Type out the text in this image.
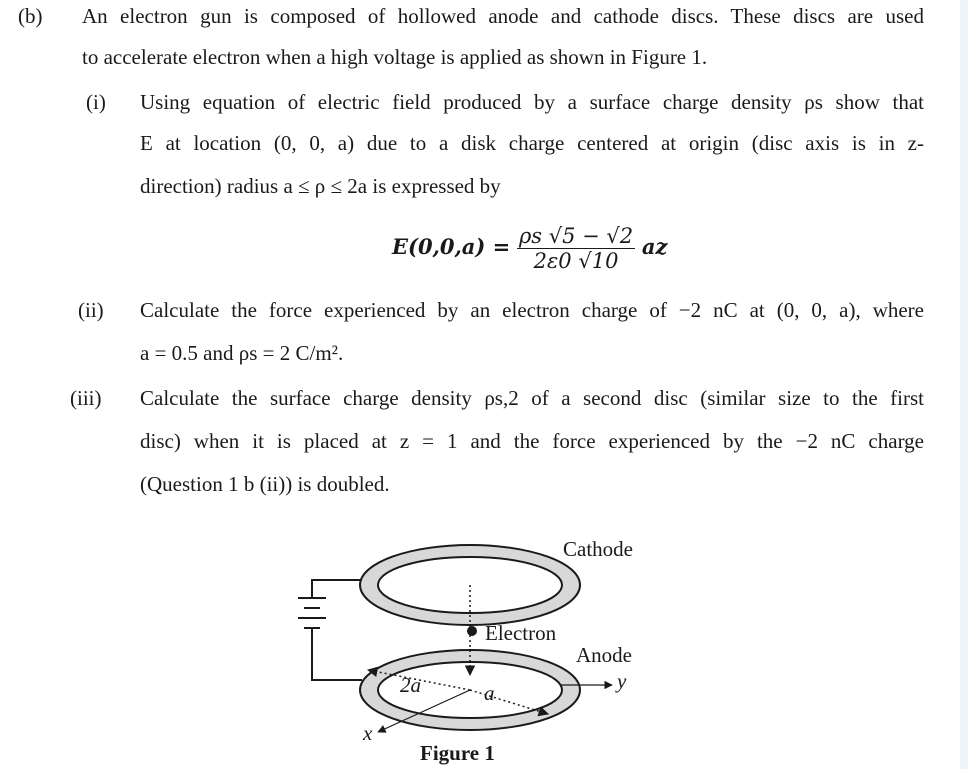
(b) An electron gun is composed of hollowed anode and cathode discs. These discs are used
to accelerate electron when a high voltage is applied as shown in Figure 1.
(i) Using equation of electric field produced by a surface charge density ρs show that
E at location (0, 0, a) due to a disk charge centered at origin (disc axis is in z-
direction) radius a ≤ ρ ≤ 2a is expressed by
$E(0,0,a) = \frac{\rho s √5 - √2}{2\varepsilon 0 √10}$ az
(ii) Calculate the force experienced by an electron charge of −2 nC at (0, 0, a), where
a = 0.5 and ρs = 2 C/m².
(iii) Calculate the surface charge density ρs,2 of a second disc (similar size to the first
disc) when it is placed at z = 1 and the force experienced by the −2 nC charge
(Question 1 b (ii)) is doubled.
Cathode
Electron
Anode
y
x
2a	a
Figure 1
